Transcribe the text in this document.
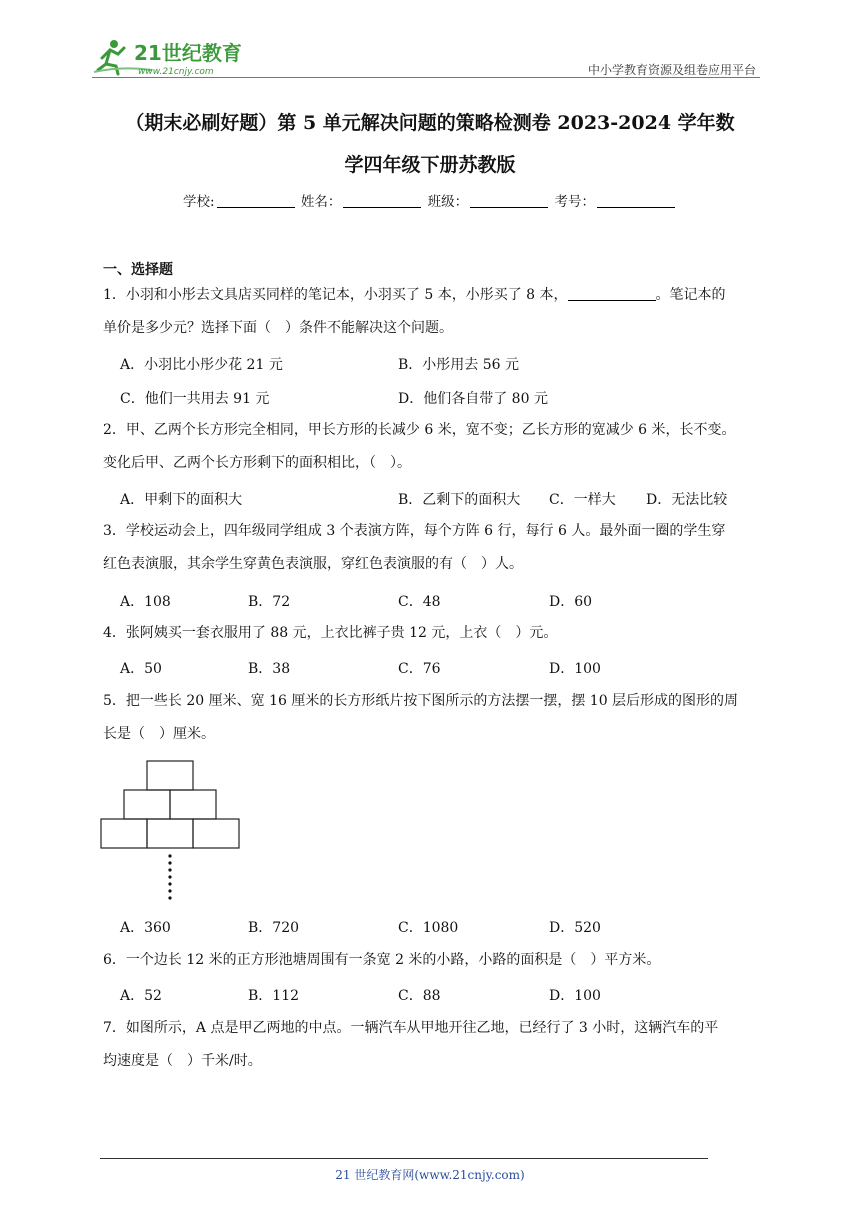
21世纪教育
www.21cnjy.com	中小学教育资源及组卷应用平台
（期末必刷好题）第 5 单元解决问题的策略检测卷 2023-2024 学年数
学四年级下册苏教版
学校:	姓名：	班级：	考号：
一、选择题
1．小羽和小彤去文具店买同样的笔记本，小羽买了 5 本，小彤买了 8 本，	。笔记本的
单价是多少元？选择下面（　）条件不能解决这个问题。
A．小羽比小彤少花 21 元	B．小彤用去 56 元
C．他们一共用去 91 元	D．他们各自带了 80 元
2．甲、乙两个长方形完全相同，甲长方形的长减少 6 米，宽不变；乙长方形的宽减少 6 米，长不变。
变化后甲、乙两个长方形剩下的面积相比，（　）。
A．甲剩下的面积大	B．乙剩下的面积大 C．一样大 D．无法比较
3．学校运动会上，四年级同学组成 3 个表演方阵，每个方阵 6 行，每行 6 人。最外面一圈的学生穿
红色表演服，其余学生穿黄色表演服，穿红色表演服的有（　）人。
A．108	B．72	C．48	D．60
4．张阿姨买一套衣服用了 88 元，上衣比裤子贵 12 元，上衣（　）元。
A．50	B．38	C．76	D．100
5．把一些长 20 厘米、宽 16 厘米的长方形纸片按下图所示的方法摆一摆，摆 10 层后形成的图形的周
长是（　）厘米。
A．360	B．720	C．1080	D．520
6．一个边长 12 米的正方形池塘周围有一条宽 2 米的小路，小路的面积是（　）平方米。
A．52	B．112	C．88	D．100
7．如图所示，A 点是甲乙两地的中点。一辆汽车从甲地开往乙地，已经行了 3 小时，这辆汽车的平
均速度是（　）千米/时。
21 世纪教育网(www.21cnjy.com)
